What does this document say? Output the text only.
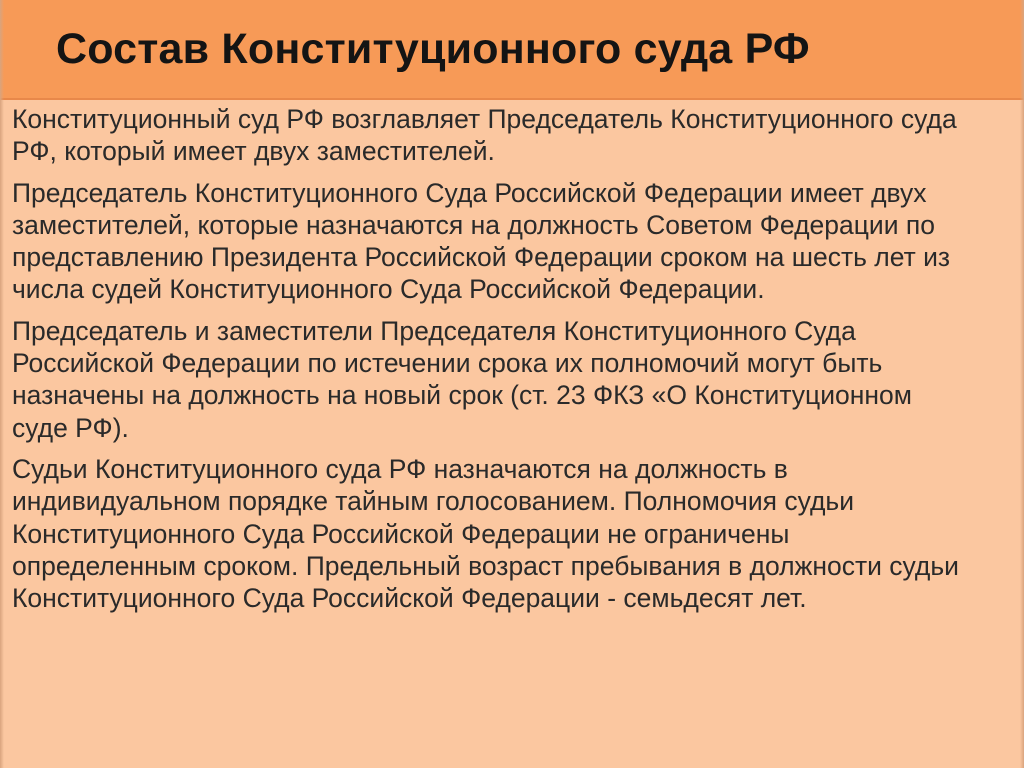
Состав Конституционного суда РФ

Конституционный суд РФ возглавляет Председатель Конституционного суда РФ, который имеет двух заместителей.

Председатель Конституционного Суда Российской Федерации имеет двух заместителей, которые назначаются на должность Советом Федерации по представлению Президента Российской Федерации сроком на шесть лет из числа судей Конституционного Суда Российской Федерации.

Председатель и заместители Председателя Конституционного Суда Российской Федерации по истечении срока их полномочий могут быть назначены на должность на новый срок (ст. 23 ФКЗ «О Конституционном суде РФ).

Судьи Конституционного суда РФ назначаются на должность в индивидуальном порядке тайным голосованием. Полномочия судьи Конституционного Суда Российской Федерации не ограничены определенным сроком. Предельный возраст пребывания в должности судьи Конституционного Суда Российской Федерации - семьдесят лет.
